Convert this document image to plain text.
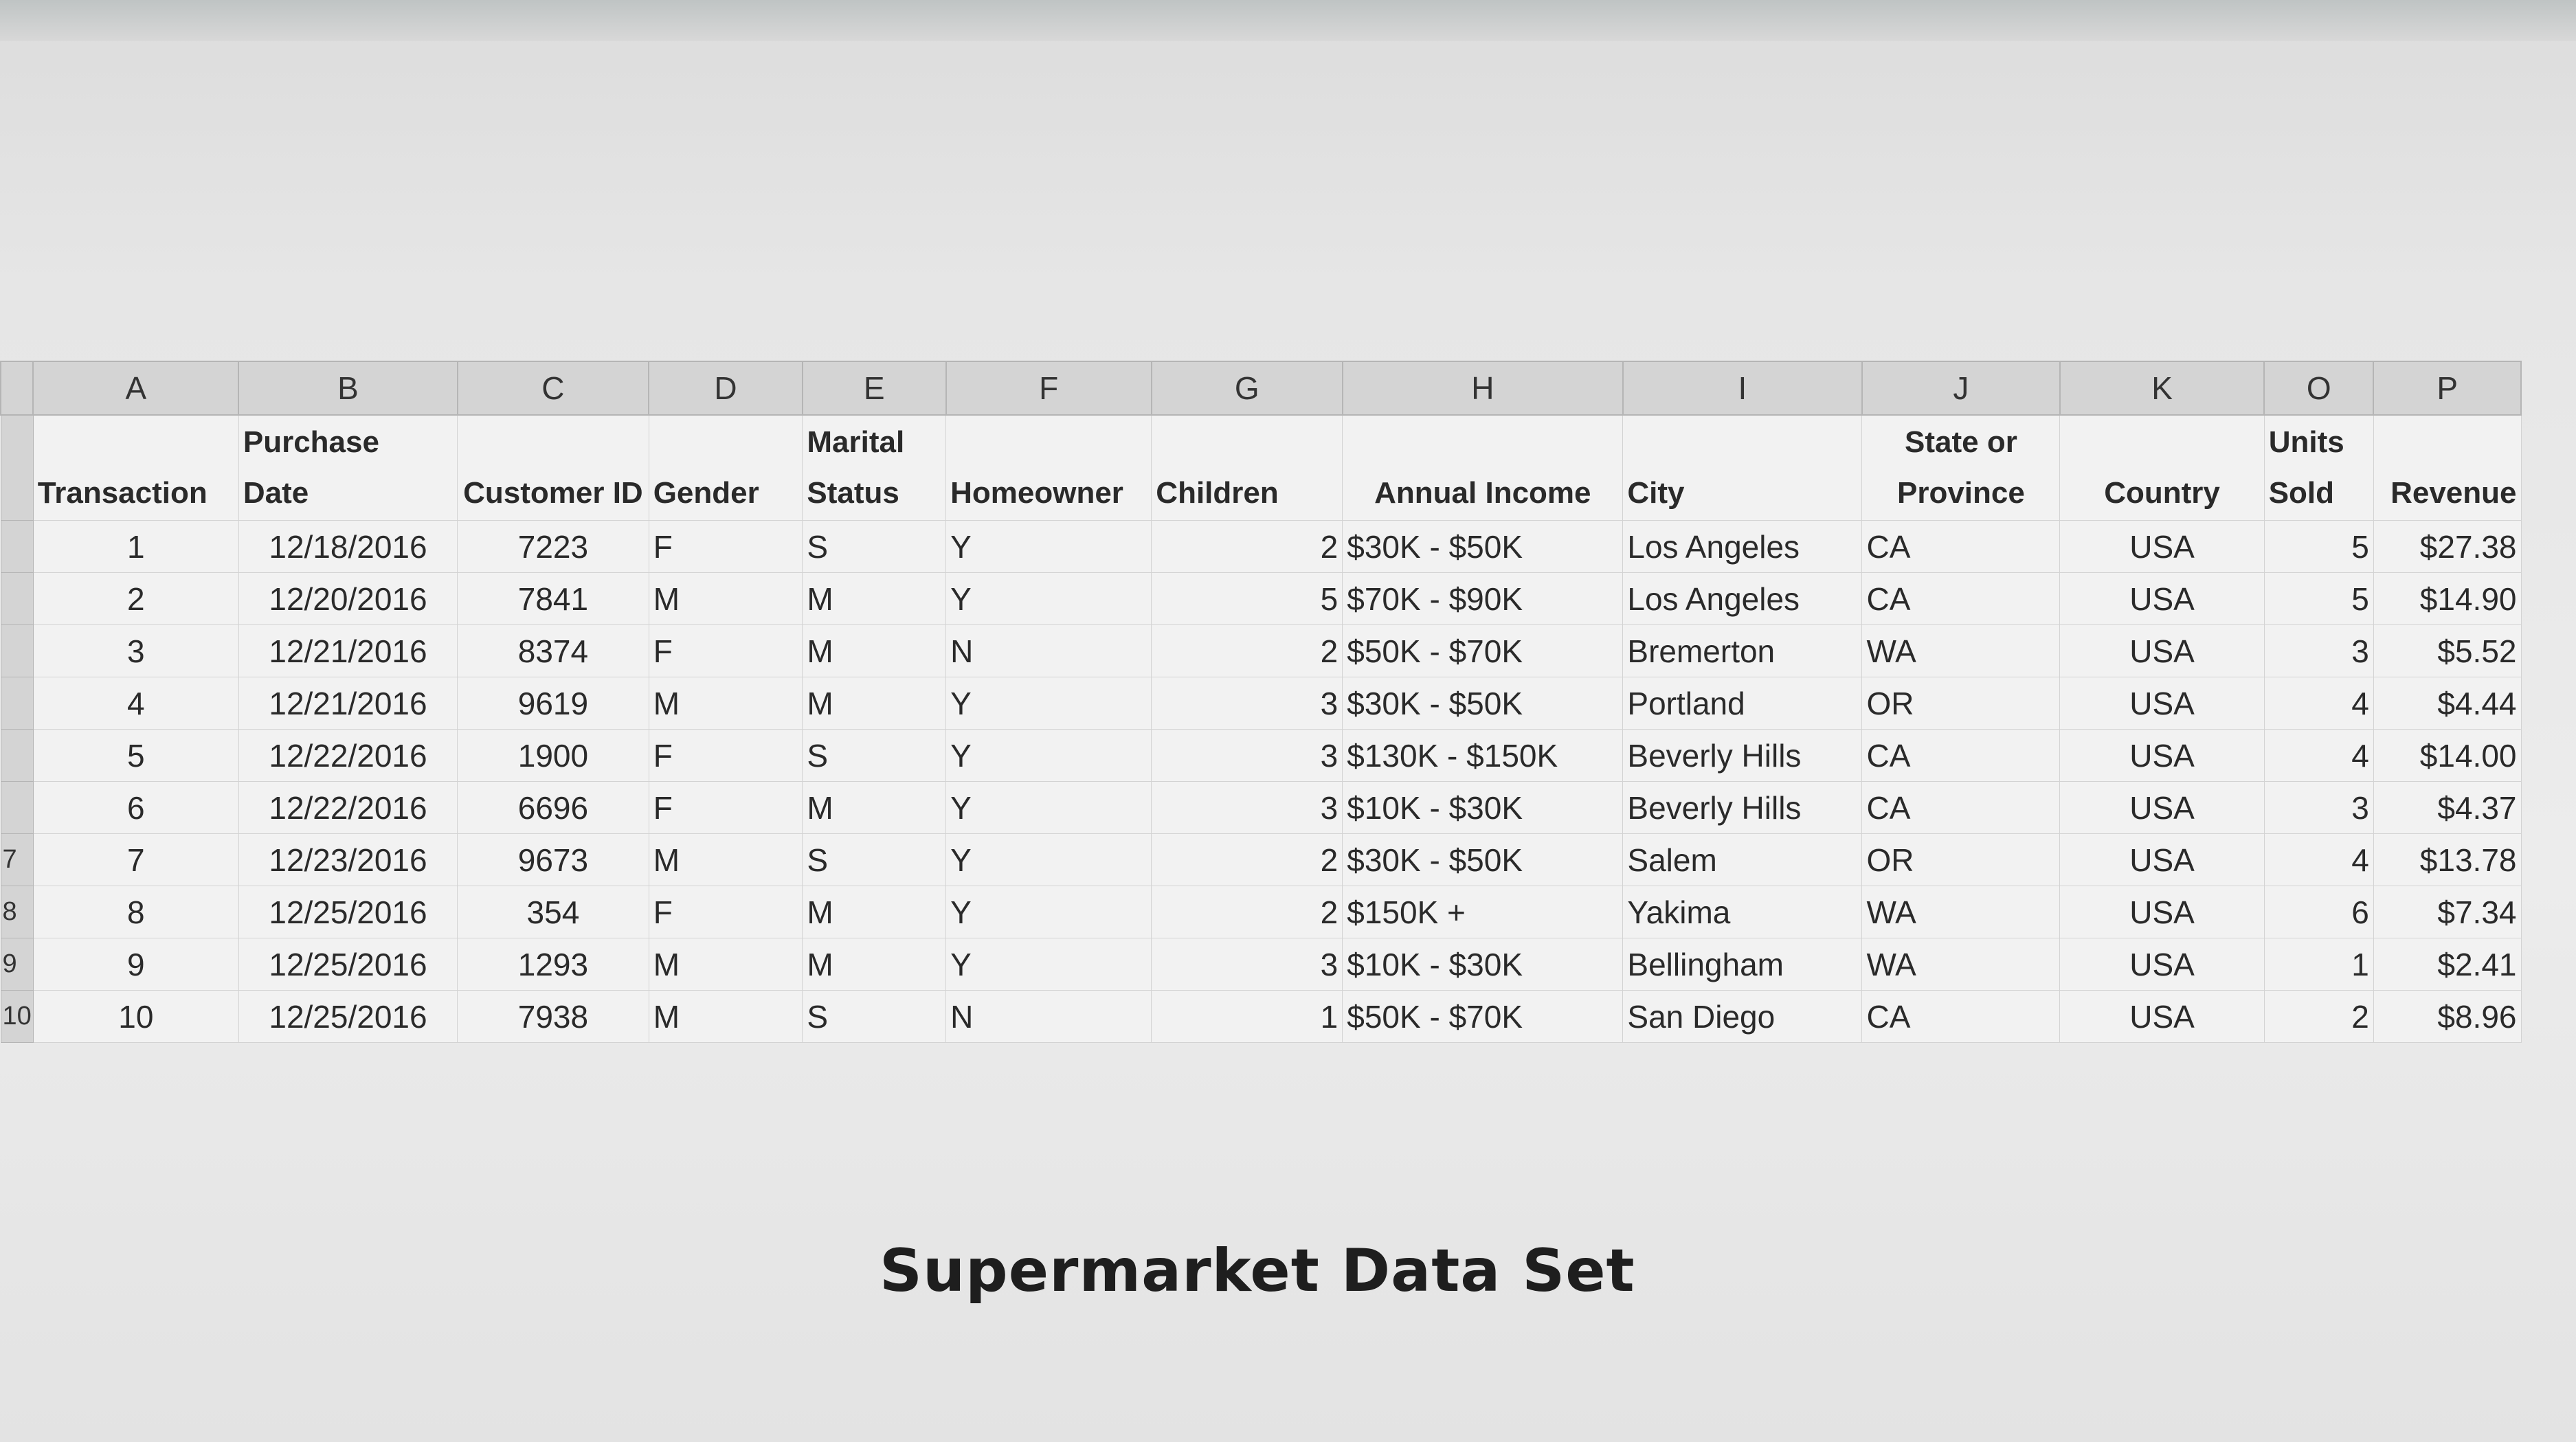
	A	B	C	D	E	F	G	H	I	J	K	O	P
	Transaction	Purchase Date	Customer ID	Gender	Marital Status	Homeowner	Children	Annual Income	City	State or Province	Country	Units Sold	Revenue
	1	12/18/2016	7223	F	S	Y	2	$30K - $50K	Los Angeles	CA	USA	5	$27.38
	2	12/20/2016	7841	M	M	Y	5	$70K - $90K	Los Angeles	CA	USA	5	$14.90
	3	12/21/2016	8374	F	M	N	2	$50K - $70K	Bremerton	WA	USA	3	$5.52
	4	12/21/2016	9619	M	M	Y	3	$30K - $50K	Portland	OR	USA	4	$4.44
	5	12/22/2016	1900	F	S	Y	3	$130K - $150K	Beverly Hills	CA	USA	4	$14.00
	6	12/22/2016	6696	F	M	Y	3	$10K - $30K	Beverly Hills	CA	USA	3	$4.37
7	7	12/23/2016	9673	M	S	Y	2	$30K - $50K	Salem	OR	USA	4	$13.78
8	8	12/25/2016	354	F	M	Y	2	$150K +	Yakima	WA	USA	6	$7.34
9	9	12/25/2016	1293	M	M	Y	3	$10K - $30K	Bellingham	WA	USA	1	$2.41
10	10	12/25/2016	7938	M	S	N	1	$50K - $70K	San Diego	CA	USA	2	$8.96
Supermarket Data Set
